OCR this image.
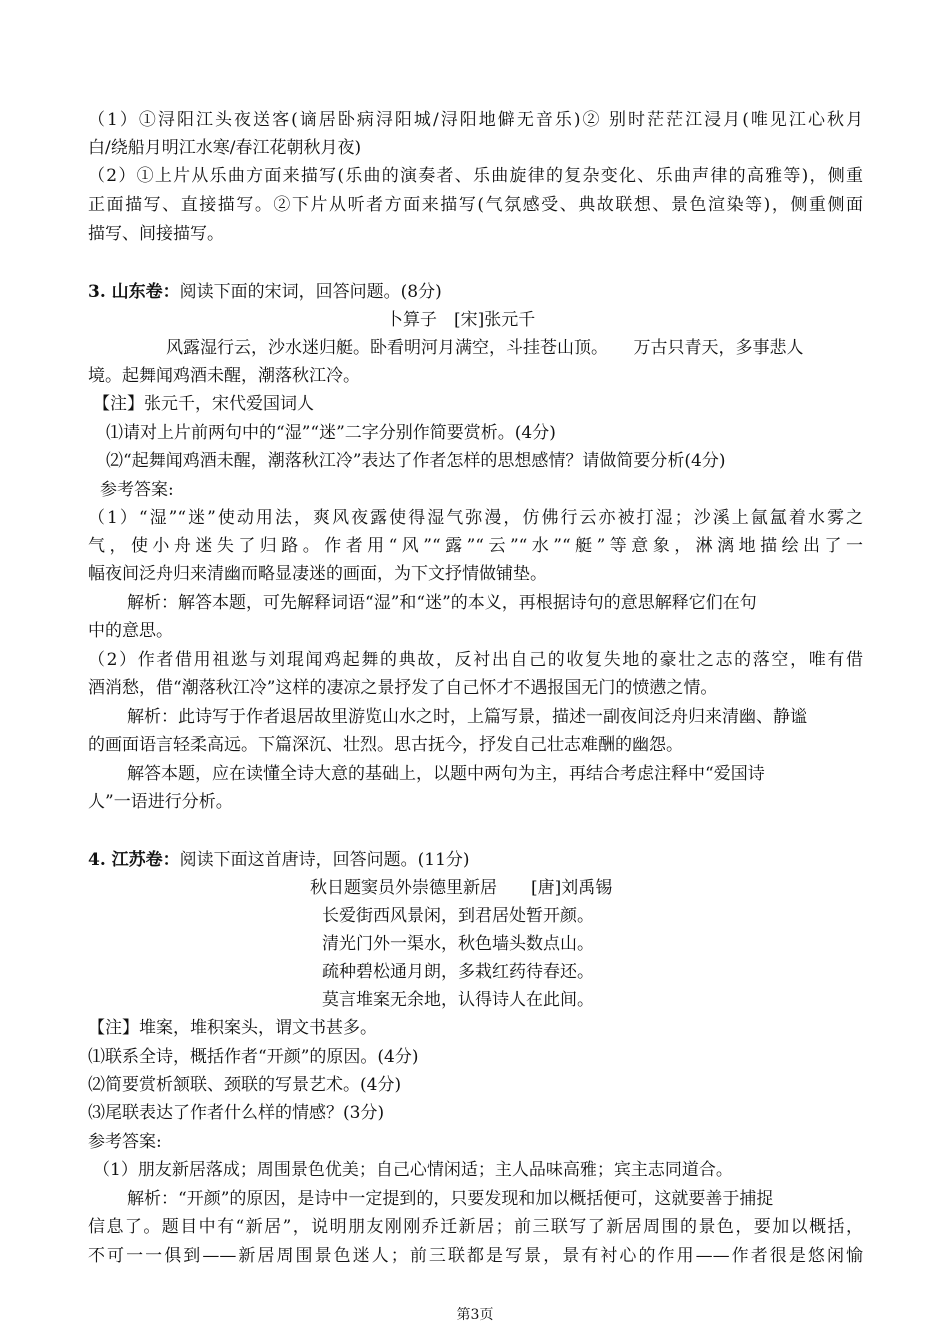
（1）①浔阳江头夜送客(谪居卧病浔阳城/浔阳地僻无音乐)② 别时茫茫江浸月(唯见江心秋月
白/绕船月明江水寒/春江花朝秋月夜)
（2）①上片从乐曲方面来描写(乐曲的演奏者、乐曲旋律的复杂变化、乐曲声律的高雅等)，侧重
正面描写、直接描写。②下片从听者方面来描写(气氛感受、典故联想、景色渲染等)，侧重侧面
描写、间接描写。
3. 山东卷：阅读下面的宋词，回答问题。(8分)
卜算子　[宋]张元千
风露湿行云，沙水迷归艇。卧看明河月满空，斗挂苍山顶。　　万古只青天，多事悲人
境。起舞闻鸡酒未醒，潮落秋江冷。
【注】张元千，宋代爱国词人
⑴请对上片前两句中的“湿”“迷”二字分别作简要赏析。(4分)
⑵“起舞闻鸡酒未醒，潮落秋江冷”表达了作者怎样的思想感情？请做简要分析(4分)
参考答案:
（1）“湿”“迷”使动用法，爽风夜露使得湿气弥漫，仿佛行云亦被打湿；沙溪上氤氲着水雾之
气，使小舟迷失了归路。作者用“风”“露”“云”“水”“艇”等意象，淋漓地描绘出了一
幅夜间泛舟归来清幽而略显凄迷的画面，为下文抒情做铺垫。
解析：解答本题，可先解释词语“湿”和“迷”的本义，再根据诗句的意思解释它们在句
中的意思。
（2）作者借用祖逖与刘琨闻鸡起舞的典故，反衬出自己的收复失地的豪壮之志的落空，唯有借
酒消愁，借“潮落秋江冷”这样的凄凉之景抒发了自己怀才不遇报国无门的愤懑之情。
解析：此诗写于作者退居故里游览山水之时，上篇写景，描述一副夜间泛舟归来清幽、静谧
的画面语言轻柔高远。下篇深沉、壮烈。思古抚今，抒发自己壮志难酬的幽怨。
解答本题，应在读懂全诗大意的基础上，以题中两句为主，再结合考虑注释中“爱国诗
人”一语进行分析。
4. 江苏卷：阅读下面这首唐诗，回答问题。(11分)
秋日题窦员外崇德里新居　　[唐]刘禹锡
长爱街西风景闲，到君居处暂开颜。
清光门外一渠水，秋色墙头数点山。
疏种碧松通月朗，多栽红药待春还。
莫言堆案无余地，认得诗人在此间。
【注】堆案，堆积案头，谓文书甚多。
⑴联系全诗，概括作者“开颜”的原因。(4分)
⑵简要赏析颔联、颈联的写景艺术。(4分)
⑶尾联表达了作者什么样的情感？(3分)
参考答案:
（1）朋友新居落成；周围景色优美；自己心情闲适；主人品味高雅；宾主志同道合。
解析：“开颜”的原因，是诗中一定提到的，只要发现和加以概括便可，这就要善于捕捉
信息了。题目中有“新居”，说明朋友刚刚乔迁新居；前三联写了新居周围的景色，要加以概括，
不可一一俱到——新居周围景色迷人；前三联都是写景，景有衬心的作用——作者很是悠闲愉
第3页
